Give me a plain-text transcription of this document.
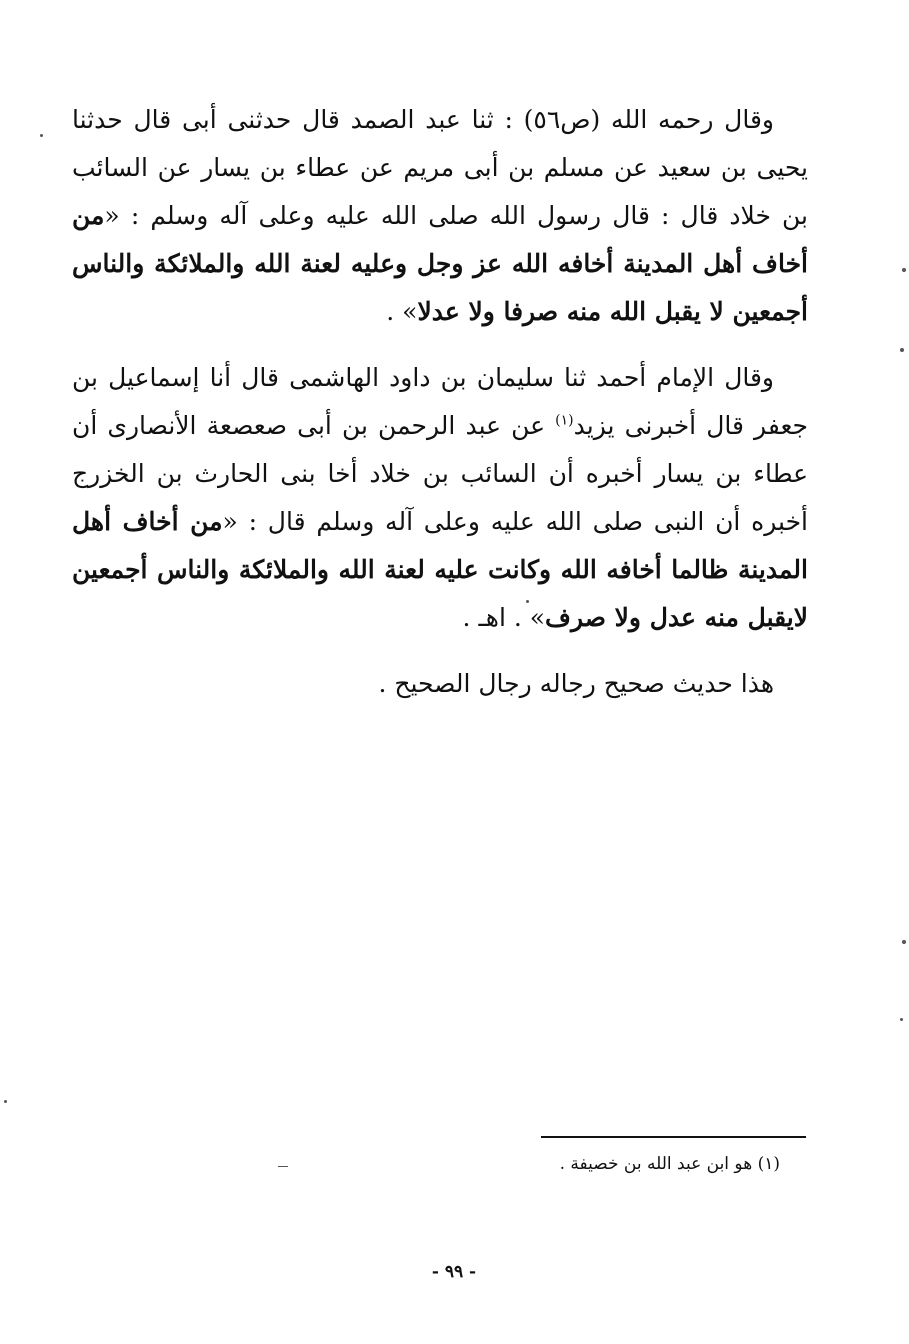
وقال رحمه الله (ص٥٦) : ثنا عبد الصمد قال حدثنى أبى قال حدثنا يحيى بن سعيد عن مسلم بن أبى مريم عن عطاء بن يسار عن السائب بن خلاد قال : قال رسول الله صلى الله عليه وعلى آله وسلم : «من أخاف أهل المدينة أخافه الله عز وجل وعليه لعنة الله والملائكة والناس أجمعين لا يقبل الله منه صرفا ولا عدلا» .

وقال الإمام أحمد ثنا سليمان بن داود الهاشمى قال أنا إسماعيل بن جعفر قال أخبرنى يزيد$^{(١)}$ عن عبد الرحمن بن أبى صعصعة الأنصارى أن عطاء بن يسار أخبره أن السائب بن خلاد أخا بنى الحارث بن الخزرج أخبره أن النبى صلى الله عليه وعلى آله وسلم قال : «من أخاف أهل المدينة ظالما أخافه الله وكانت عليه لعنة الله والملائكة والناس أجمعين لايقبل منه عدل ولا صرف» . اهـ .

هذا حديث صحيح رجاله رجال الصحيح .

(١) هو ابن عبد الله بن خصيفة .
- ٩٩ -
